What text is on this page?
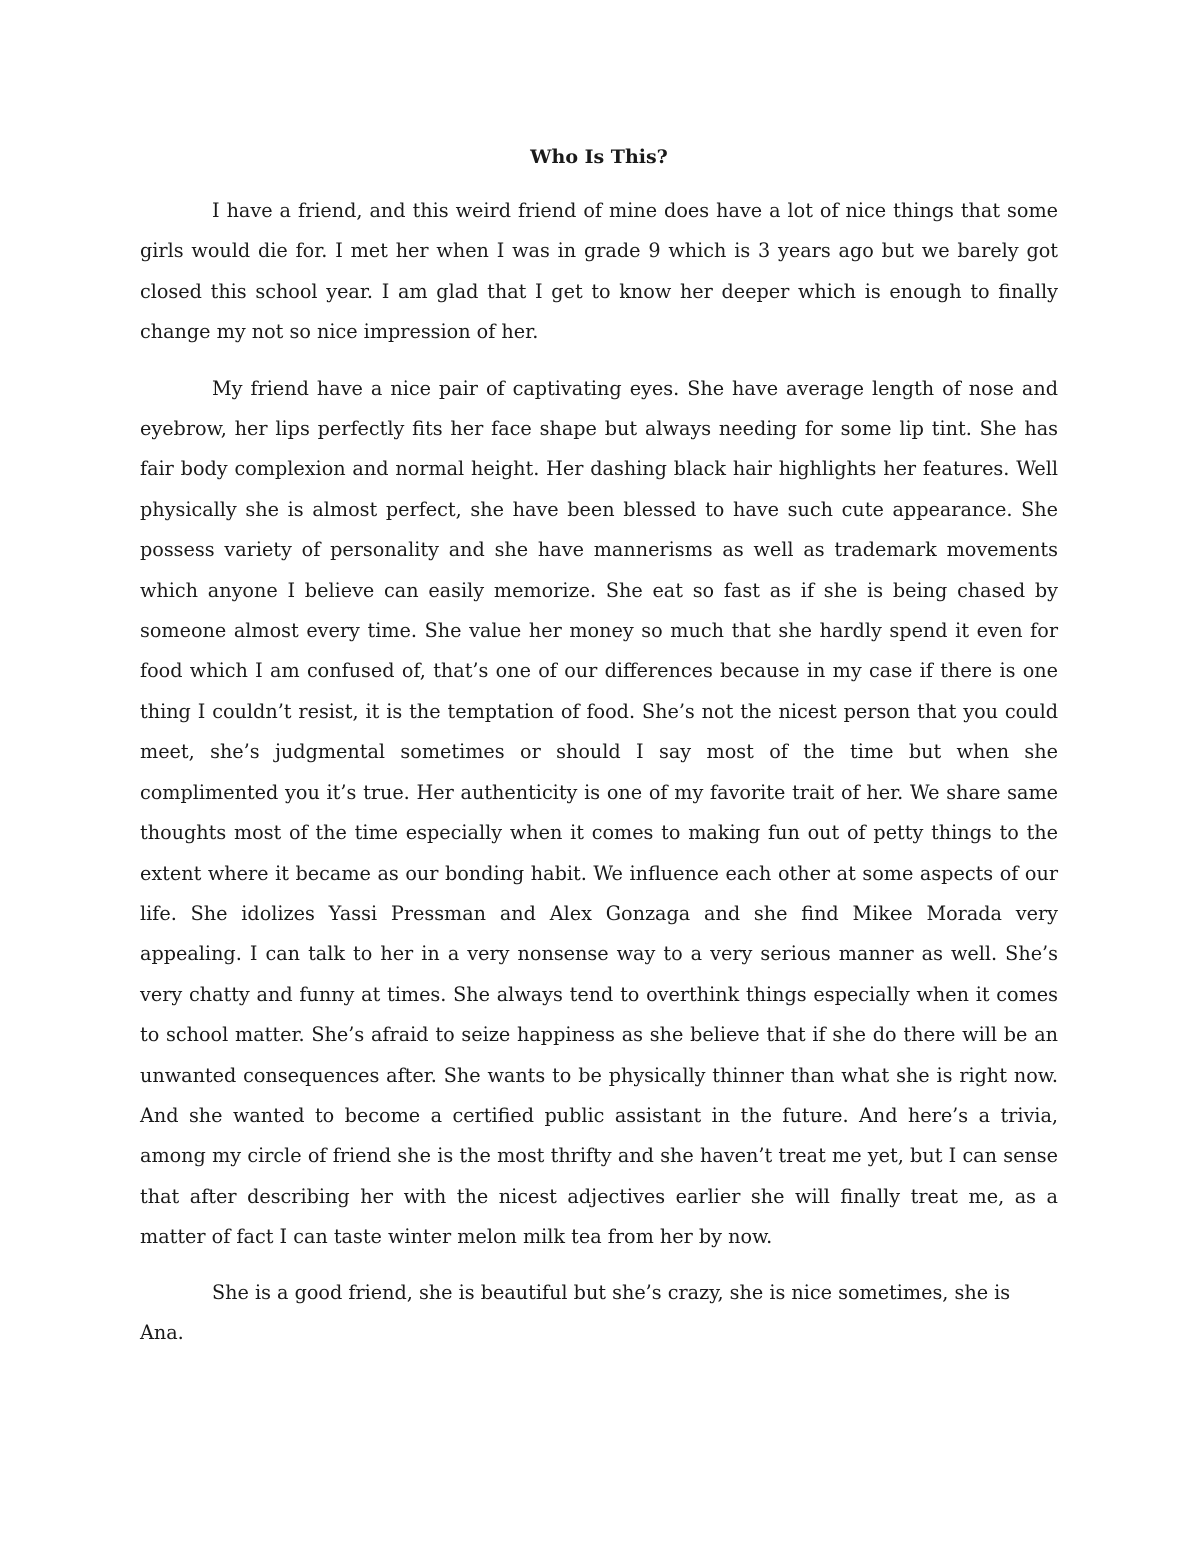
Who Is This?

I have a friend, and this weird friend of mine does have a lot of nice things that some girls would die for. I met her when I was in grade 9 which is 3 years ago but we barely got closed this school year. I am glad that I get to know her deeper which is enough to finally change my not so nice impression of her.

My friend have a nice pair of captivating eyes. She have average length of nose and eyebrow, her lips perfectly fits her face shape but always needing for some lip tint. She has fair body complexion and normal height. Her dashing black hair highlights her features. Well physically she is almost perfect, she have been blessed to have such cute appearance. She possess variety of personality and she have mannerisms as well as trademark movements which anyone I believe can easily memorize. She eat so fast as if she is being chased by someone almost every time. She value her money so much that she hardly spend it even for food which I am confused of, that’s one of our differences because in my case if there is one thing I couldn’t resist, it is the temptation of food. She’s not the nicest person that you could meet, she’s judgmental sometimes or should I say most of the time but when she complimented you it’s true. Her authenticity is one of my favorite trait of her. We share same thoughts most of the time especially when it comes to making fun out of petty things to the extent where it became as our bonding habit. We influence each other at some aspects of our life. She idolizes Yassi Pressman and Alex Gonzaga and she find Mikee Morada very appealing. I can talk to her in a very nonsense way to a very serious manner as well. She’s very chatty and funny at times. She always tend to overthink things especially when it comes to school matter. She’s afraid to seize happiness as she believe that if she do there will be an unwanted consequences after. She wants to be physically thinner than what she is right now. And she wanted to become a certified public assistant in the future. And here’s a trivia, among my circle of friend she is the most thrifty and she haven’t treat me yet, but I can sense that after describing her with the nicest adjectives earlier she will finally treat me, as a matter of fact I can taste winter melon milk tea from her by now.

She is a good friend, she is beautiful but she’s crazy, she is nice sometimes, she is Ana.
